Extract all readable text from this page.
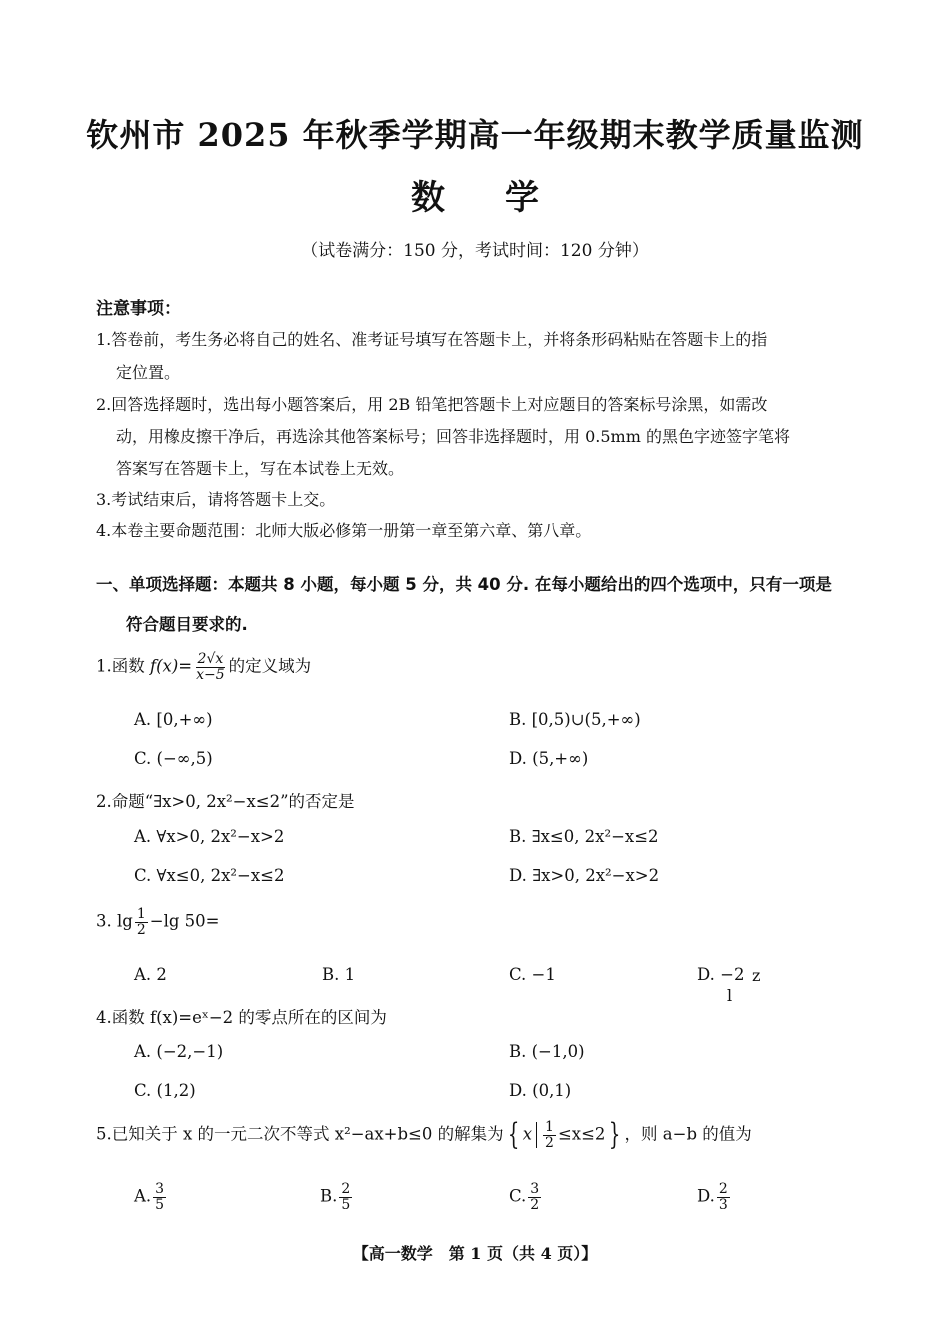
钦州市 2025 年秋季学期高一年级期末教学质量监测
数学
（试卷满分：150 分，考试时间：120 分钟）
注意事项：
1.答卷前，考生务必将自己的姓名、准考证号填写在答题卡上，并将条形码粘贴在答题卡上的指
定位置。
2.回答选择题时，选出每小题答案后，用 2B 铅笔把答题卡上对应题目的答案标号涂黑，如需改
动，用橡皮擦干净后，再选涂其他答案标号；回答非选择题时，用 0.5mm 的黑色字迹签字笔将
答案写在答题卡上，写在本试卷上无效。
3.考试结束后，请将答题卡上交。
4.本卷主要命题范围：北师大版必修第一册第一章至第六章、第八章。
一、单项选择题：本题共 8 小题，每小题 5 分，共 40 分. 在每小题给出的四个选项中，只有一项是
符合题目要求的.
1.函数 $f(x)= \frac{2√x}{x-5}$ 的定义域为
A. [0,+∞)	B. [0,5)∪(5,+∞)
C. (−∞,5)	D. (5,+∞)
2.命题“∃x>0, 2x²−x≤2”的否定是
A. ∀x>0, 2x²−x>2	B. ∃x≤0, 2x²−x≤2
C. ∀x≤0, 2x²−x≤2	D. ∃x>0, 2x²−x>2
3. $\lg \frac{1}{2} -\lg$ 50=
A. 2	B. 1	C. −1	D. −2 z
l
4.函数 f(x)=eˣ−2 的零点所在的区间为
A. (−2,−1)	B. (−1,0)
C. (1,2)	D. (0,1)
5.已知关于 x 的一元二次不等式 x²−ax+b≤0 的解集为 { x $\frac{1}{2} \le x\le 2$ } ，则 a−b 的值为
A. $\frac{3}{5}$	B. $\frac{2}{5}$	C. $\frac{3}{2}$	D. $\frac{2}{3}$
【高一数学　第 1 页（共 4 页）】
